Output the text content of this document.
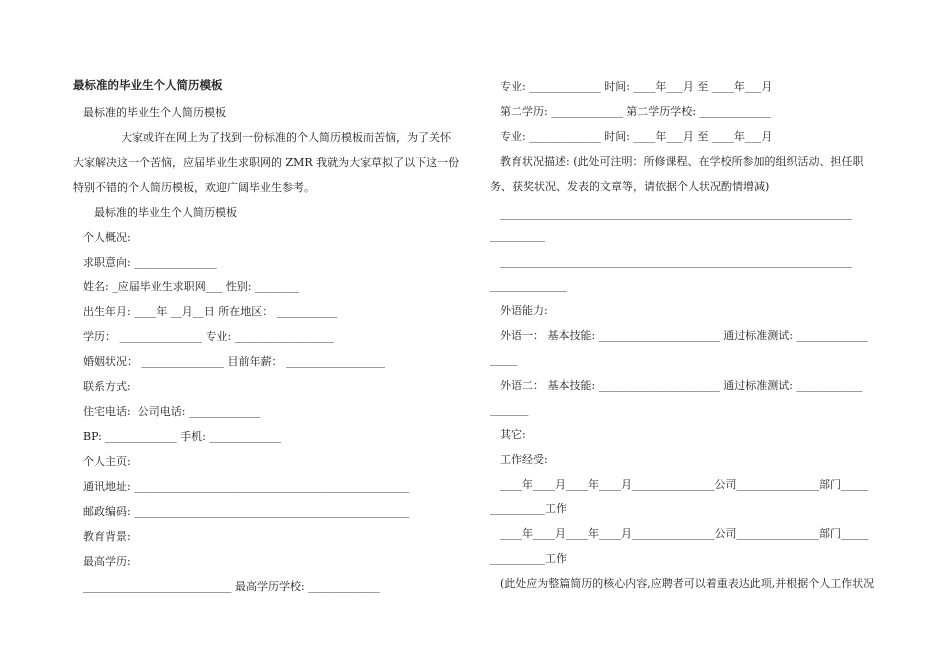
最标准的毕业生个人简历模板
最标准的毕业生个人简历模板
大家或许在网上为了找到一份标准的个人简历模板而苦恼，为了关怀
大家解决这一个苦恼，应届毕业生求职网的 ZMR 我就为大家草拟了以下这一份
特别不错的个人简历模板，欢迎广阔毕业生参考。
最标准的毕业生个人简历模板
个人概况:
求职意向: _______________
姓名: _应届毕业生求职网___ 性别: ________
出生年月: ____年 __月__日 所在地区： ___________
学历： _______________ 专业: __________________
婚姻状况： _______________ 目前年薪： __________________
联系方式:
住宅电话:  公司电话: _____________
BP: _____________ 手机: _____________
个人主页:
通讯地址: __________________________________________________
邮政编码: __________________________________________________
教育背景:
最高学历:
___________________________ 最高学历学校: _____________
专业: _____________ 时间: ____年___月 至 ____年___月
第二学历: _____________ 第二学历学校: _____________
专业: _____________ 时间: ____年___月 至 ____年___月
教育状况描述: (此处可注明：所修课程、在学校所参加的组织活动、担任职
务、获奖状况、发表的文章等，请依据个人状况酌情增减)
________________________________________________________________
__________
________________________________________________________________
______________
外语能力:
外语一： 基本技能: ______________________ 通过标准测试: _____________
_____
外语二： 基本技能: ______________________ 通过标准测试: ____________
_______
其它:
工作经受:
____年____月____年____月_______________公司_______________部门_____
__________工作
____年____月____年____月_______________公司_______________部门_____
__________工作
(此处应为整篇简历的核心内容,应聘者可以着重表达此项,并根据个人工作状况
